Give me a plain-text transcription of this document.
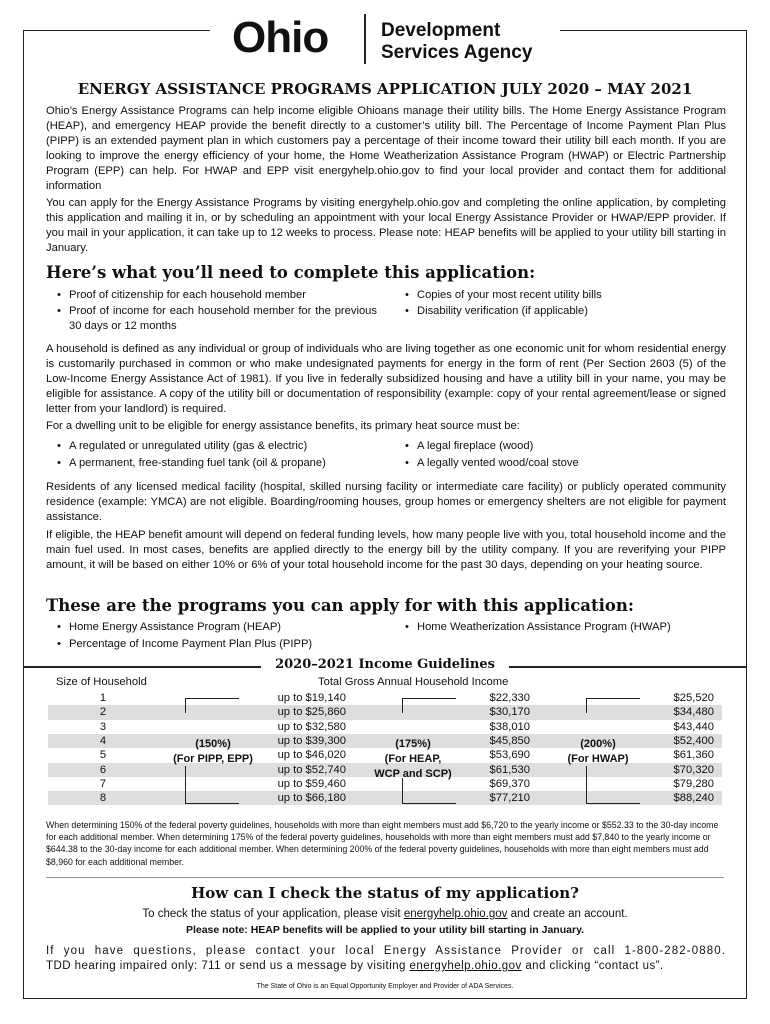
Ohio	Development
Services Agency
ENERGY ASSISTANCE PROGRAMS APPLICATION JULY 2020 – MAY 2021

Ohio’s Energy Assistance Programs can help income eligible Ohioans manage their utility bills. The Home Energy Assistance Program (HEAP), and emergency HEAP provide the benefit directly to a customer’s utility bill. The Percentage of Income Payment Plan Plus (PIPP) is an extended payment plan in which customers pay a percentage of their income toward their utility bill each month. If you are looking to improve the energy efficiency of your home, the Home Weatherization Assistance Program (HWAP) or Electric Partnership Program (EPP) can help. For HWAP and EPP visit energyhelp.ohio.gov to find your local provider and contact them for additional information

You can apply for the Energy Assistance Programs by visiting energyhelp.ohio.gov and completing the online application, by completing this application and mailing it in, or by scheduling an appointment with your local Energy Assistance Provider or HWAP/EPP provider. If you mail in your application, it can take up to 12 weeks to process. Please note: HEAP benefits will be applied to your utility bill starting in January.

Here’s what you’ll need to complete this application:
• Proof of citizenship for each household member
• Proof of income for each household member for the previous 30 days or 12 months
• Copies of your most recent utility bills
• Disability verification (if applicable)

A household is defined as any individual or group of individuals who are living together as one economic unit for whom residential energy is customarily purchased in common or who make undesignated payments for energy in the form of rent (Per Section 2603 (5) of the Low-Income Energy Assistance Act of 1981). If you live in federally subsidized housing and have a utility bill in your name, you may be eligible for assistance. A copy of the utility bill or documentation of responsibility (example: copy of your rental agreement/lease or signed letter from your landlord) is required.

For a dwelling unit to be eligible for energy assistance benefits, its primary heat source must be:

• A regulated or unregulated utility (gas & electric)
• A permanent, free-standing fuel tank (oil & propane)
• A legal fireplace (wood)
• A legally vented wood/coal stove

Residents of any licensed medical facility (hospital, skilled nursing facility or intermediate care facility) or publicly operated community residence (example: YMCA) are not eligible. Boarding/rooming houses, group homes or emergency shelters are not eligible for payment assistance.

If eligible, the HEAP benefit amount will depend on federal funding levels, how many people live with you, total household income and the main fuel used. In most cases, benefits are applied directly to the energy bill by the utility company. If you are reverifying your PIPP amount, it will be based on either 10% or 6% of your total household income for the past 30 days, depending on your heating source.

These are the programs you can apply for with this application:
• Home Energy Assistance Program (HEAP)
• Percentage of Income Payment Plan Plus (PIPP)
• Home Weatherization Assistance Program (HWAP)
2020–2021 Income Guidelines
Size of Household	Total Gross Annual Household Income
1	up to $19,140	$22,330	$25,520
2	up to $25,860	$30,170	$34,480
3	up to $32,580	$38,010	$43,440
4	up to $39,300	$45,850	$52,400
5	up to $46,020	$53,690	$61,360
6	up to $52,740	$61,530	$70,320
7	up to $59,460	$69,370	$79,280
8	up to $66,180	$77,210	$88,240
(150%)
(For PIPP, EPP)
(175%)
(For HEAP,
WCP and SCP)
(200%)
(For HWAP)

When determining 150% of the federal poverty guidelines, households with more than eight members must add $6,720 to the yearly income or $552.33 to the 30-day income for each additional member. When determining 175% of the federal poverty guidelines, households with more than eight members must add $7,840 to the yearly income or $644.38 to the 30-day income for each additional member. When determining 200% of the federal poverty guidelines, households with more than eight members must add $8,960 for each additional member.

How can I check the status of my application?
To check the status of your application, please visit energyhelp.ohio.gov and create an account.
Please note: HEAP benefits will be applied to your utility bill starting in January.
If you have questions, please contact your local Energy Assistance Provider or call 1-800-282-0880.
TDD hearing impaired only: 711 or send us a message by visiting energyhelp.ohio.gov and clicking “contact us”.
The State of Ohio is an Equal Opportunity Employer and Provider of ADA Services.
